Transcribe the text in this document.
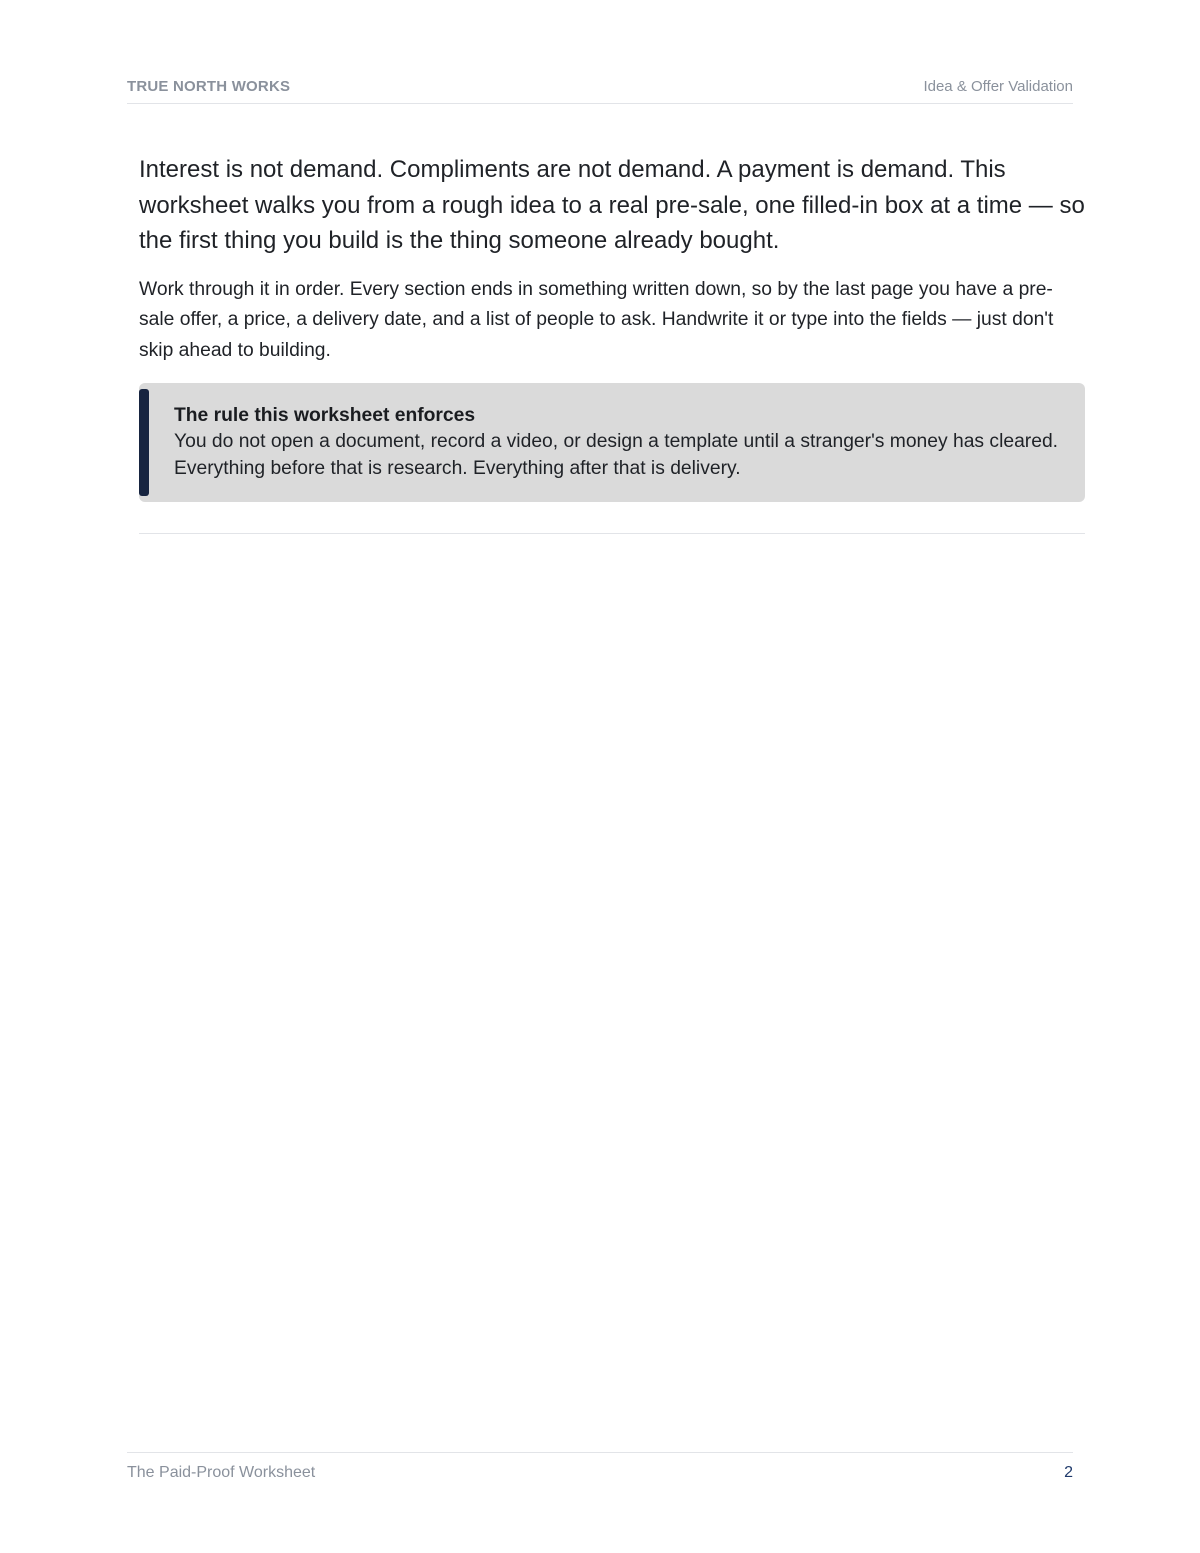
TRUE NORTH WORKS	Idea & Offer Validation

Interest is not demand. Compliments are not demand. A payment is demand. This worksheet walks you from a rough idea to a real pre-sale, one filled-in box at a time — so the first thing you build is the thing someone already bought.

Work through it in order. Every section ends in something written down, so by the last page you have a pre-sale offer, a price, a delivery date, and a list of people to ask. Handwrite it or type into the fields — just don't skip ahead to building.

The rule this worksheet enforces
You do not open a document, record a video, or design a template until a stranger's money has cleared. Everything before that is research. Everything after that is delivery.
The Paid-Proof Worksheet	2
